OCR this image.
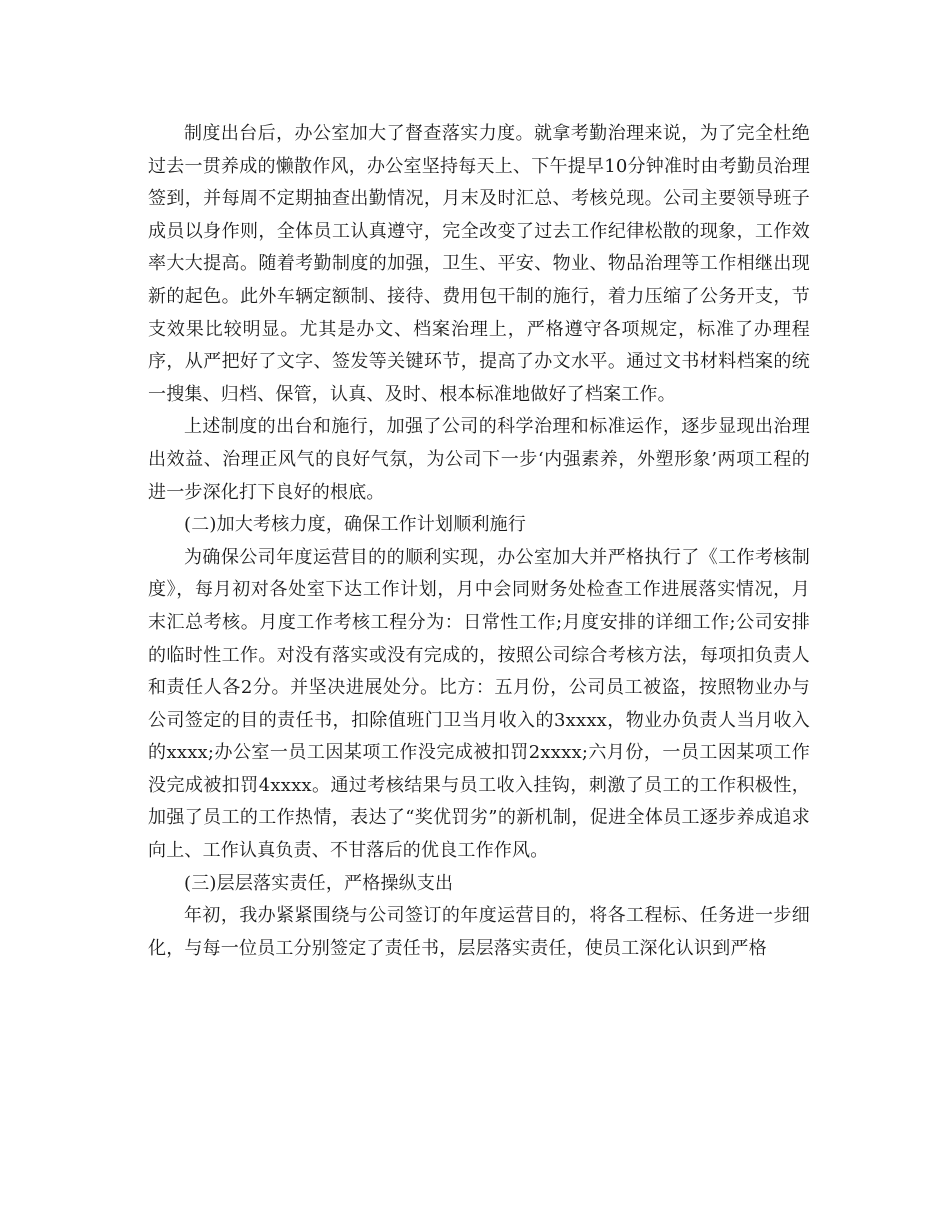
制度出台后，办公室加大了督查落实力度。就拿考勤治理来说，为了完全杜绝过去一贯养成的懒散作风，办公室坚持每天上、下午提早10分钟准时由考勤员治理签到，并每周不定期抽查出勤情况，月末及时汇总、考核兑现。公司主要领导班子成员以身作则，全体员工认真遵守，完全改变了过去工作纪律松散的现象，工作效率大大提高。随着考勤制度的加强，卫生、平安、物业、物品治理等工作相继出现新的起色。此外车辆定额制、接待、费用包干制的施行，着力压缩了公务开支，节支效果比较明显。尤其是办文、档案治理上，严格遵守各项规定，标准了办理程序，从严把好了文字、签发等关键环节，提高了办文水平。通过文书材料档案的统一搜集、归档、保管，认真、及时、根本标准地做好了档案工作。

上述制度的出台和施行，加强了公司的科学治理和标准运作，逐步显现出治理出效益、治理正风气的良好气氛，为公司下一步‘内强素养，外塑形象’两项工程的进一步深化打下良好的根底。

(二)加大考核力度，确保工作计划顺利施行

为确保公司年度运营目的的顺利实现，办公室加大并严格执行了《工作考核制度》，每月初对各处室下达工作计划，月中会同财务处检查工作进展落实情况，月末汇总考核。月度工作考核工程分为：日常性工作;月度安排的详细工作;公司安排的临时性工作。对没有落实或没有完成的，按照公司综合考核方法，每项扣负责人和责任人各2分。并坚决进展处分。比方：五月份，公司员工被盗，按照物业办与公司签定的目的责任书，扣除值班门卫当月收入的3xxxx，物业办负责人当月收入的xxxx;办公室一员工因某项工作没完成被扣罚2xxxx;六月份，一员工因某项工作没完成被扣罚4xxxx。通过考核结果与员工收入挂钩，刺激了员工的工作积极性，加强了员工的工作热情，表达了“奖优罚劣”的新机制，促进全体员工逐步养成追求向上、工作认真负责、不甘落后的优良工作作风。

(三)层层落实责任，严格操纵支出

年初，我办紧紧围绕与公司签订的年度运营目的，将各工程标、任务进一步细化，与每一位员工分别签定了责任书，层层落实责任，使员工深化认识到严格
